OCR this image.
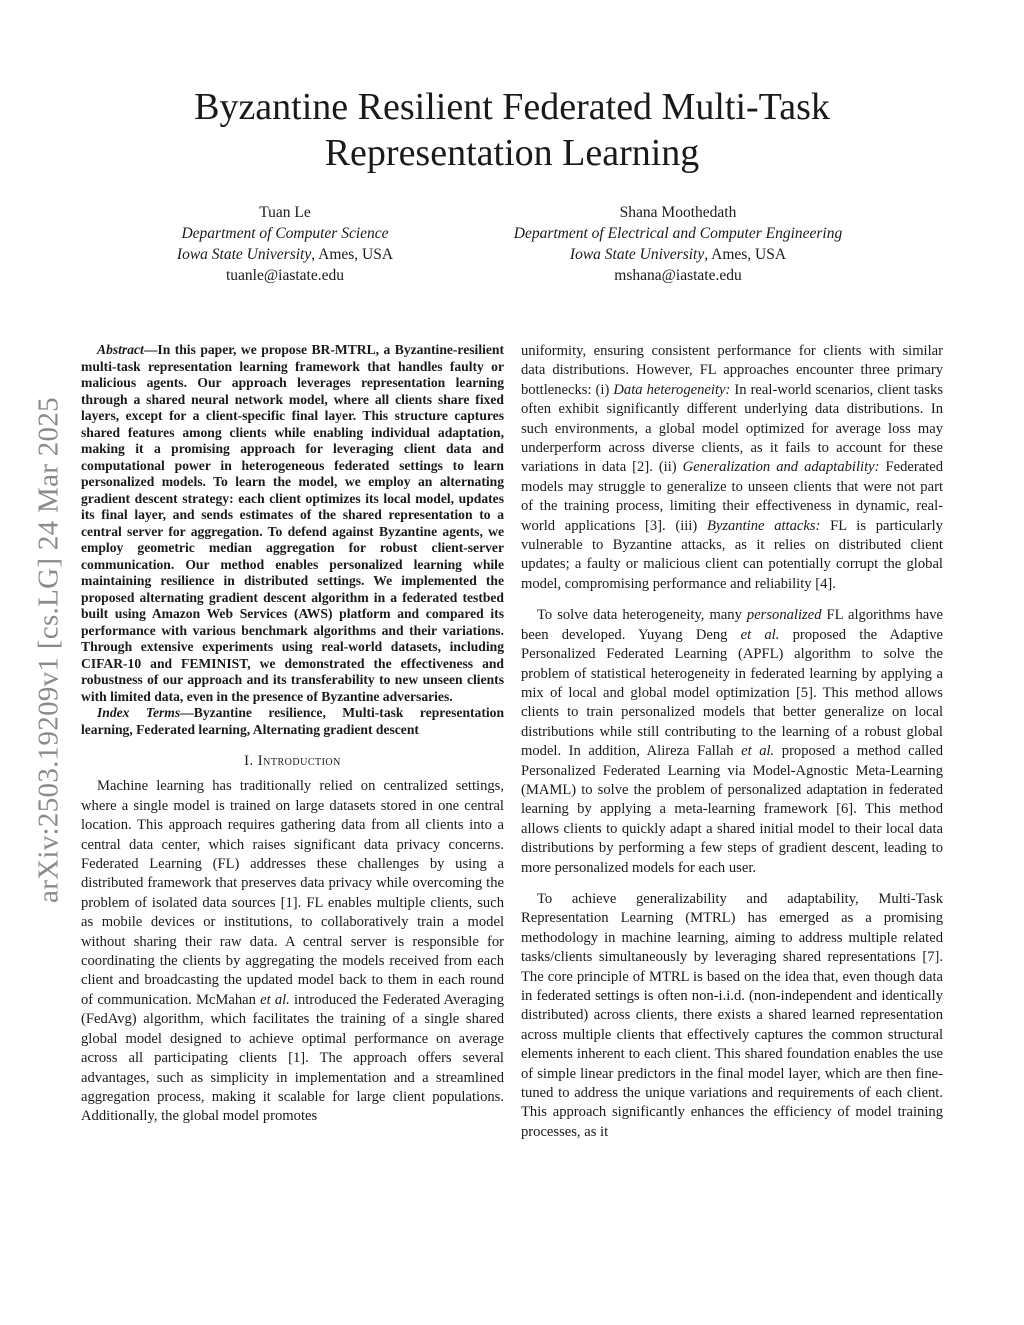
arXiv:2503.19209v1 [cs.LG] 24 Mar 2025
Byzantine Resilient Federated Multi-Task
Representation Learning
Tuan Le
Department of Computer Science
Iowa State University, Ames, USA
tuanle@iastate.edu
Shana Moothedath
Department of Electrical and Computer Engineering
Iowa State University, Ames, USA
mshana@iastate.edu

Abstract—In this paper, we propose BR-MTRL, a Byzantine-resilient multi-task representation learning framework that handles faulty or malicious agents. Our approach leverages representation learning through a shared neural network model, where all clients share fixed layers, except for a client-specific final layer. This structure captures shared features among clients while enabling individual adaptation, making it a promising approach for leveraging client data and computational power in heterogeneous federated settings to learn personalized models. To learn the model, we employ an alternating gradient descent strategy: each client optimizes its local model, updates its final layer, and sends estimates of the shared representation to a central server for aggregation. To defend against Byzantine agents, we employ geometric median aggregation for robust client-server communication. Our method enables personalized learning while maintaining resilience in distributed settings. We implemented the proposed alternating gradient descent algorithm in a federated testbed built using Amazon Web Services (AWS) platform and compared its performance with various benchmark algorithms and their variations. Through extensive experiments using real-world datasets, including CIFAR-10 and FEMINIST, we demonstrated the effectiveness and robustness of our approach and its transferability to new unseen clients with limited data, even in the presence of Byzantine adversaries.

Index Terms—Byzantine resilience, Multi-task representation learning, Federated learning, Alternating gradient descent

I. Introduction

Machine learning has traditionally relied on centralized settings, where a single model is trained on large datasets stored in one central location. This approach requires gathering data from all clients into a central data center, which raises significant data privacy concerns. Federated Learning (FL) addresses these challenges by using a distributed framework that preserves data privacy while overcoming the problem of isolated data sources [1]. FL enables multiple clients, such as mobile devices or institutions, to collaboratively train a model without sharing their raw data. A central server is responsible for coordinating the clients by aggregating the models received from each client and broadcasting the updated model back to them in each round of communication. McMahan et al. introduced the Federated Averaging (FedAvg) algorithm, which facilitates the training of a single shared global model designed to achieve optimal performance on average across all participating clients [1]. The approach offers several advantages, such as simplicity in implementation and a streamlined aggregation process, making it scalable for large client populations. Additionally, the global model promotes

uniformity, ensuring consistent performance for clients with similar data distributions. However, FL approaches encounter three primary bottlenecks: (i) Data heterogeneity: In real-world scenarios, client tasks often exhibit significantly different underlying data distributions. In such environments, a global model optimized for average loss may underperform across diverse clients, as it fails to account for these variations in data [2]. (ii) Generalization and adaptability: Federated models may struggle to generalize to unseen clients that were not part of the training process, limiting their effectiveness in dynamic, real-world applications [3]. (iii) Byzantine attacks: FL is particularly vulnerable to Byzantine attacks, as it relies on distributed client updates; a faulty or malicious client can potentially corrupt the global model, compromising performance and reliability [4].

To solve data heterogeneity, many personalized FL algorithms have been developed. Yuyang Deng et al. proposed the Adaptive Personalized Federated Learning (APFL) algorithm to solve the problem of statistical heterogeneity in federated learning by applying a mix of local and global model optimization [5]. This method allows clients to train personalized models that better generalize on local distributions while still contributing to the learning of a robust global model. In addition, Alireza Fallah et al. proposed a method called Personalized Federated Learning via Model-Agnostic Meta-Learning (MAML) to solve the problem of personalized adaptation in federated learning by applying a meta-learning framework [6]. This method allows clients to quickly adapt a shared initial model to their local data distributions by performing a few steps of gradient descent, leading to more personalized models for each user.

To achieve generalizability and adaptability, Multi-Task Representation Learning (MTRL) has emerged as a promising methodology in machine learning, aiming to address multiple related tasks/clients simultaneously by leveraging shared representations [7]. The core principle of MTRL is based on the idea that, even though data in federated settings is often non-i.i.d. (non-independent and identically distributed) across clients, there exists a shared learned representation across multiple clients that effectively captures the common structural elements inherent to each client. This shared foundation enables the use of simple linear predictors in the final model layer, which are then fine-tuned to address the unique variations and requirements of each client. This approach significantly enhances the efficiency of model training processes, as it
